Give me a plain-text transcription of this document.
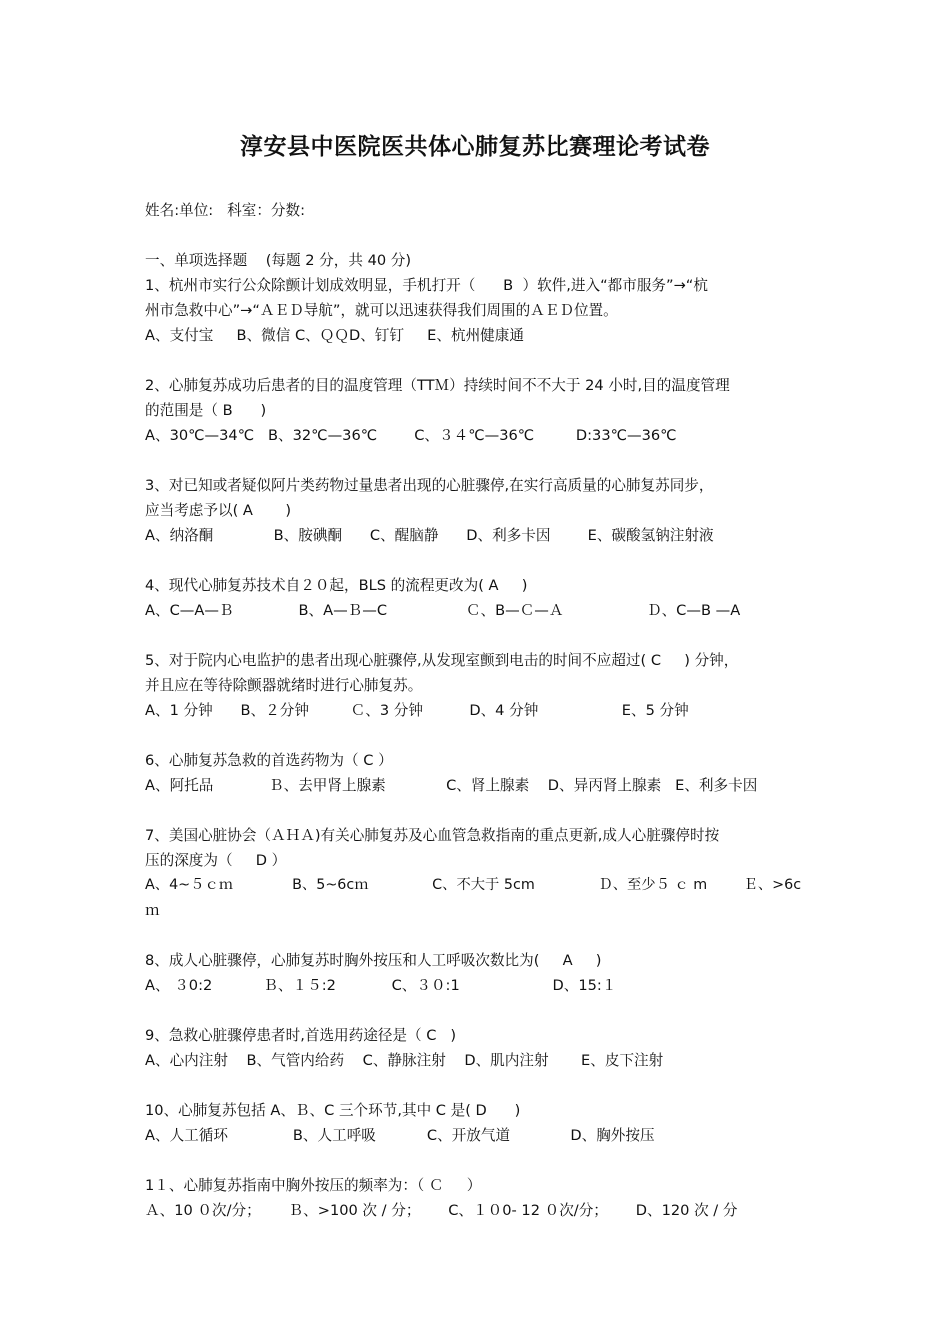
淳安县中医院医共体心肺复苏比赛理论考试卷
姓名:单位:   科室：分数:
一、单项选择题    (每题 2 分，共 40 分)
1、杭州市实行公众除颤计划成效明显，手机打开（      B  ）软件,进入“都市服务”→“杭
州市急救中心”→“ＡＥＤ导航”，就可以迅速获得我们周围的ＡＥＤ位置。
A、支付宝     B、微信 C、ＱＱD、钉钉     E、杭州健康通
2、心肺复苏成功后患者的目的温度管理（TTＭ）持续时间不不大于 24 小时,目的温度管理
的范围是（ B      )
A、30℃—34℃   B、32℃—36℃        C、３４℃—36℃         D:33℃—36℃
3、对已知或者疑似阿片类药物过量患者出现的心脏骤停,在实行高质量的心肺复苏同步，
应当考虑予以( A       )
A、纳洛酮             B、胺碘酮      C、醒脑静      D、利多卡因        E、碳酸氢钠注射液
4、现代心肺复苏技术自２０起，BLS 的流程更改为( A     )
A、C—A—Ｂ              B、A—Ｂ—C                 Ｃ、B—Ｃ—Ａ                  Ｄ、C—B —A
5、对于院内心电监护的患者出现心脏骤停,从发现室颤到电击的时间不应超过( C     ) 分钟，
并且应在等待除颤器就绪时进行心肺复苏。
A、1 分钟      B、２分钟         Ｃ、3 分钟          D、4 分钟                  E、5 分钟
6、心肺复苏急救的首选药物为（ C ）
A、阿托品            Ｂ、去甲肾上腺素             C、肾上腺素    D、异丙肾上腺素   E、利多卡因
7、美国心脏协会（ＡＨＡ)有关心肺复苏及心血管急救指南的重点更新,成人心脏骤停时按
压的深度为（     D ）
A、4~５ｃｍ             B、5~6cｍ              C、不大于 5cm              Ｄ、至少５ ｃ m        Ｅ、>6c
ｍ
8、成人心脏骤停，心肺复苏时胸外按压和人工呼吸次数比为(     A     )
A、 ３0:2           Ｂ、１５:2            C、３０:1                    D、15:１
9、急救心脏骤停患者时,首选用药途径是（ C   )
A、心内注射    B、气管内给药    C、静脉注射    D、肌内注射       E、皮下注射
10、心肺复苏包括 A、Ｂ、C 三个环节,其中 C 是( D      )
A、人工循环              B、人工呼吸           C、开放气道             D、胸外按压
1１、心肺复苏指南中胸外按压的频率为：（ Ｃ     ）
Ａ、10 ０次/分；      Ｂ、>100 次 / 分；      C、１０0- 12 ０次/分；      D、120 次 / 分
